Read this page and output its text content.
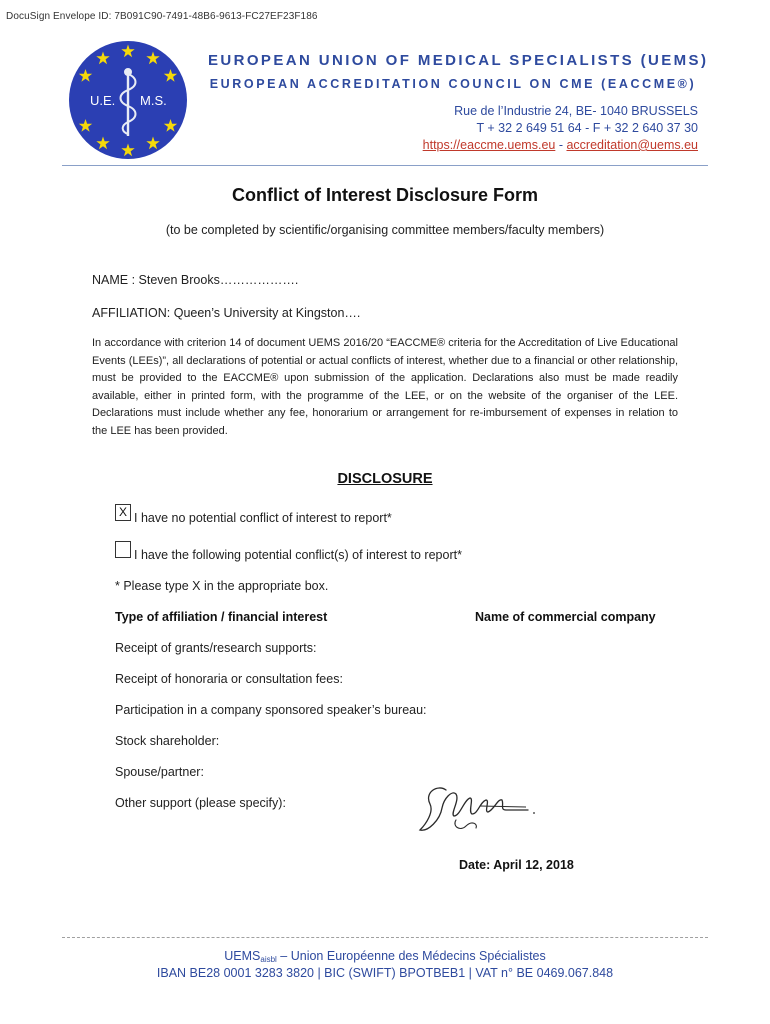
DocuSign Envelope ID: 7B091C90-7491-48B6-9613-FC27EF23F186
U.E. M.S.
EUROPEAN UNION OF MEDICAL SPECIALISTS (UEMS)
EUROPEAN ACCREDITATION COUNCIL ON CME (EACCME®)
Rue de l’Industrie 24, BE- 1040 BRUSSELS
T + 32 2 649 51 64 - F + 32 2 640 37 30
https://eaccme.uems.eu - accreditation@uems.eu
Conflict of Interest Disclosure Form
(to be completed by scientific/organising committee members/faculty members)
NAME : Steven Brooks……………….
AFFILIATION: Queen’s University at Kingston….
In accordance with criterion 14 of document UEMS 2016/20 “EACCME® criteria for the Accreditation of Live Educational Events (LEEs)”, all declarations of potential or actual conflicts of interest, whether due to a financial or other relationship, must be provided to the EACCME® upon submission of the application. Declarations also must be made readily available, either in printed form, with the programme of the LEE, or on the website of the organiser of the LEE. Declarations must include whether any fee, honorarium or arrangement for re-imbursement of expenses in relation to the LEE has been provided.
DISCLOSURE
X I have no potential conflict of interest to report*
I have the following potential conflict(s) of interest to report*
* Please type X in the appropriate box.
Type of affiliation / financial interest	Name of commercial company
Receipt of grants/research supports:
Receipt of honoraria or consultation fees:
Participation in a company sponsored speaker’s bureau:
Stock shareholder:
Spouse/partner:
Other support (please specify):
Date: April 12, 2018
$UEMS_{aisbl}$ – Union Européenne des Médecins Spécialistes
IBAN BE28 0001 3283 3820 | BIC (SWIFT) BPOTBEB1 | VAT n° BE 0469.067.848
